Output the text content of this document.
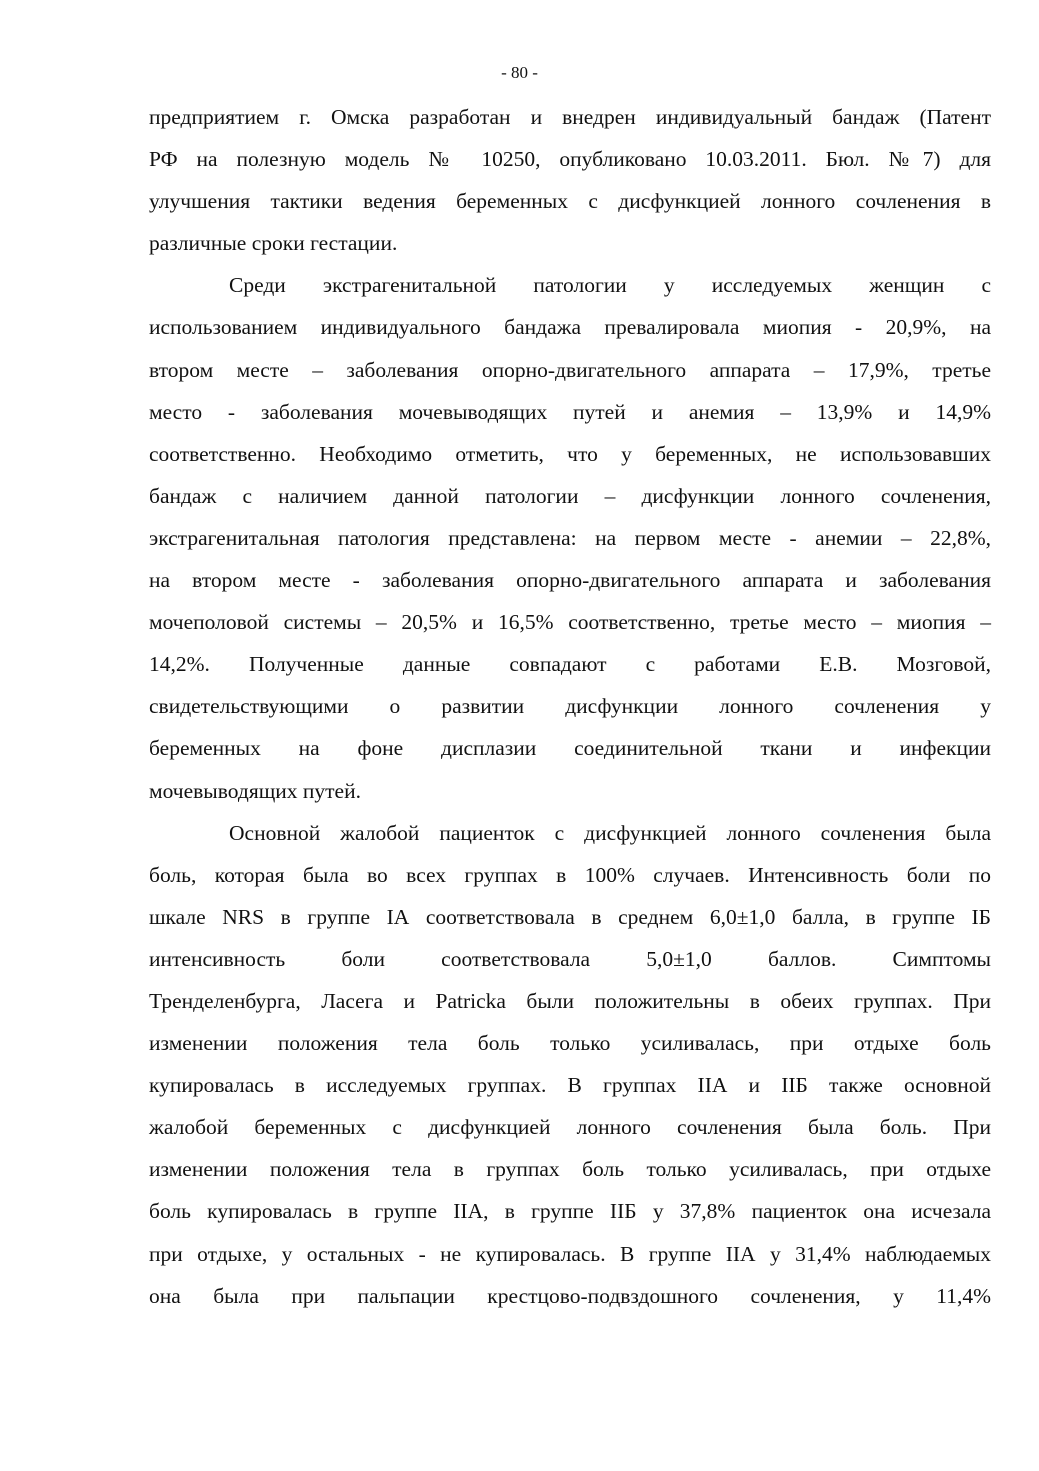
- 80 -
предприятием г. Омска разработан и внедрен индивидуальный бандаж (Патент
РФ на полезную модель № 10250, опубликовано 10.03.2011. Бюл. №7) для
улучшения тактики ведения беременных с дисфункцией лонного сочленения в
различные сроки гестации.
Среди экстрагенитальной патологии у исследуемых женщин с
использованием индивидуального бандажа превалировала миопия - 20,9%, на
втором месте – заболевания опорно-двигательного аппарата – 17,9%, третье
место - заболевания мочевыводящих путей и анемия – 13,9% и 14,9%
соответственно. Необходимо отметить, что у беременных, не использовавших
бандаж с наличием данной патологии – дисфункции лонного сочленения,
экстрагенитальная патология представлена: на первом месте - анемии – 22,8%,
на втором месте - заболевания опорно-двигательного аппарата и заболевания
мочеполовой системы – 20,5% и 16,5% соответственно, третье место – миопия –
14,2%. Полученные данные совпадают с работами Е.В. Мозговой,
свидетельствующими о развитии дисфункции лонного сочленения у
беременных на фоне дисплазии соединительной ткани и инфекции
мочевыводящих путей.
Основной жалобой пациенток с дисфункцией лонного сочленения была
боль, которая была во всех группах в 100% случаев. Интенсивность боли по
шкале NRS в группе IА соответствовала в среднем 6,0±1,0 балла, в группе IБ
интенсивность боли соответствовала 5,0±1,0 баллов. Симптомы
Тренделенбурга, Ласега и Patricka были положительны в обеих группах. При
изменении положения тела боль только усиливалась, при отдыхе боль
купировалась в исследуемых группах. В группах IIА и IIБ также основной
жалобой беременных с дисфункцией лонного сочленения была боль. При
изменении положения тела в группах боль только усиливалась, при отдыхе
боль купировалась в группе IIА, в группе IIБ у 37,8% пациенток она исчезала
при отдыхе, у остальных - не купировалась. В группе IIА у 31,4% наблюдаемых
она была при пальпации крестцово-подвздошного сочленения, у 11,4%
